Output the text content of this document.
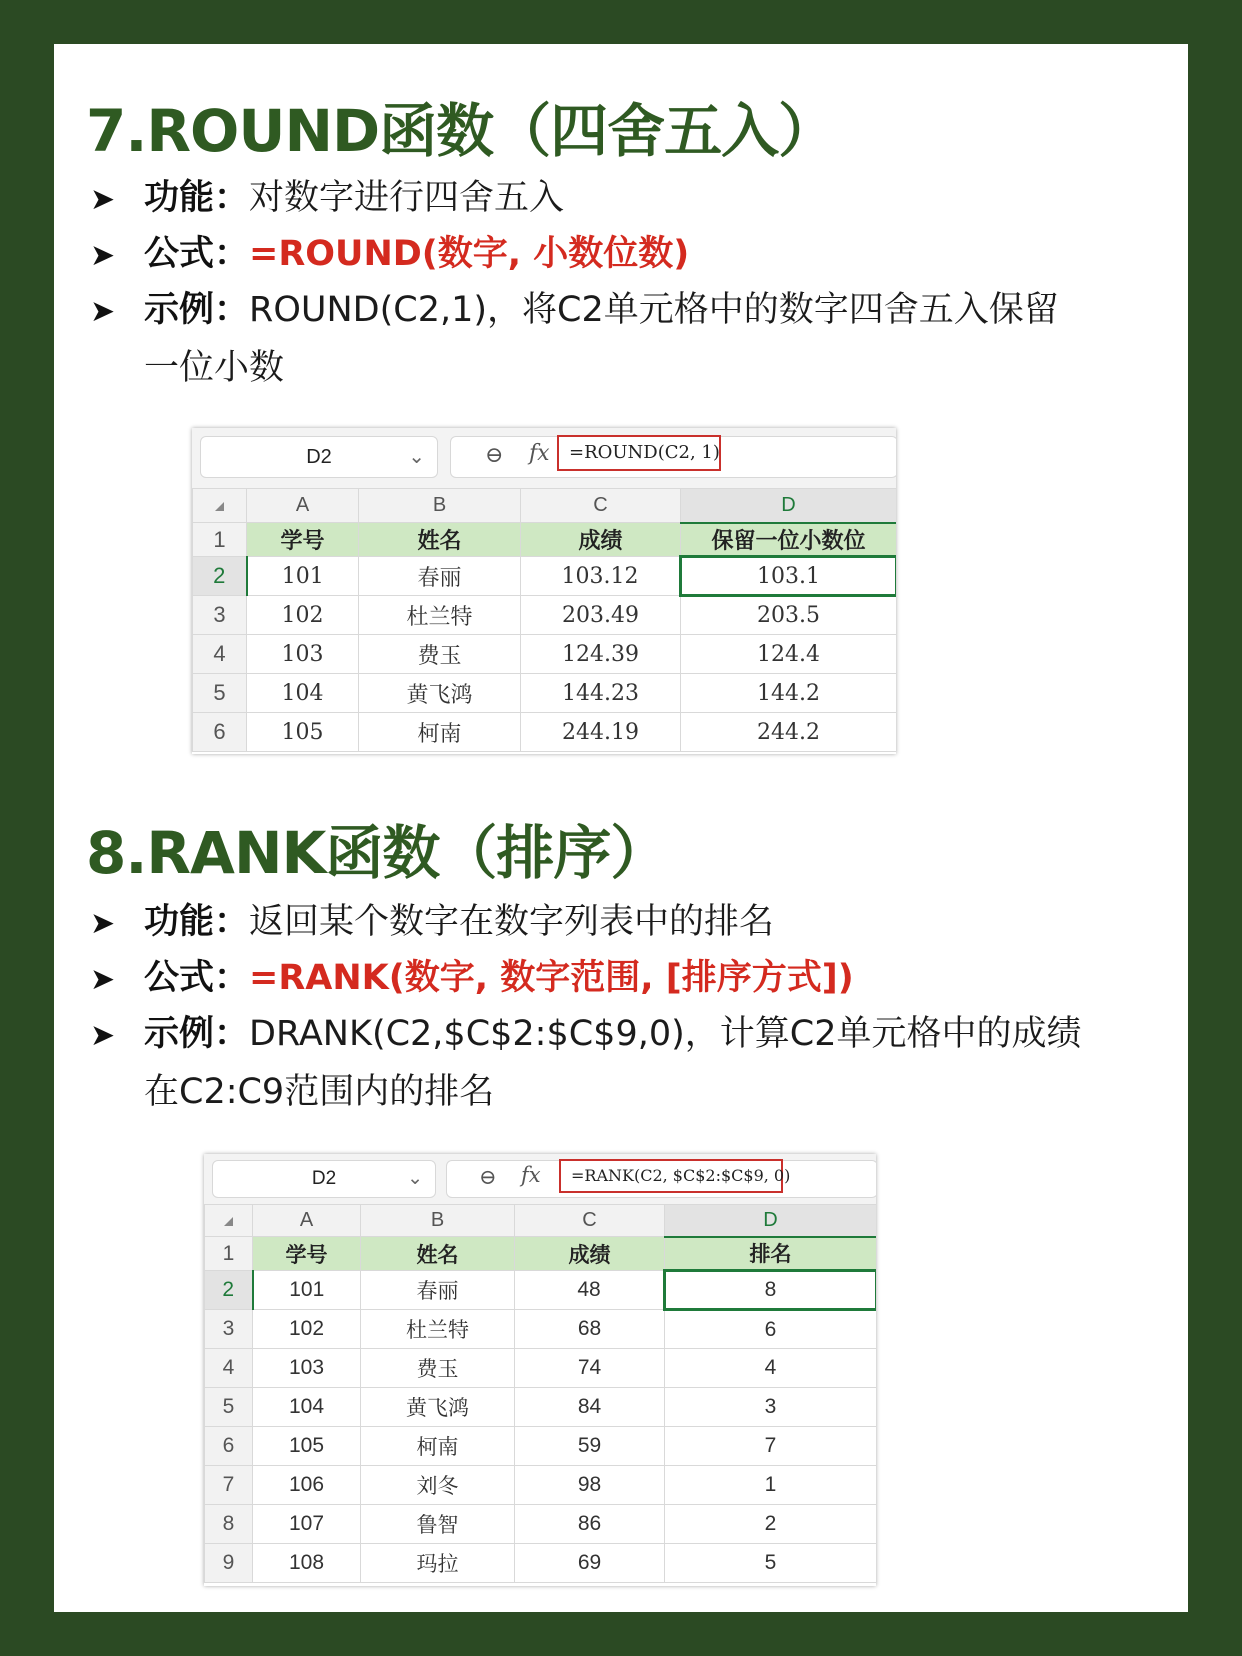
7.ROUND函数（四舍五入）
➤ 功能：对数字进行四舍五入
➤ 公式：=ROUND(数字, 小数位数)
➤ 示例：ROUND(C2,1)，将C2单元格中的数字四舍五入保留
一位小数
D2	⌄	⊖ fx	=ROUND(C2, 1)
	A	B	C	D
1	学号	姓名	成绩	保留一位小数位
2	101	春丽	103.12	103.1
3	102	杜兰特	203.49	203.5
4	103	费玉	124.39	124.4
5	104	黄飞鸿	144.23	144.2
6	105	柯南	244.19	244.2
8.RANK函数（排序）
➤ 功能：返回某个数字在数字列表中的排名
➤ 公式：=RANK(数字, 数字范围, [排序方式])
➤ 示例：DRANK(C2,$C$2:$C$9,0)，计算C2单元格中的成绩
在C2:C9范围内的排名
D2	⌄	⊖ fx	=RANK(C2, $C$2:$C$9, 0)
	A	B	C	D
1	学号	姓名	成绩	排名
2	101	春丽	48	8
3	102	杜兰特	68	6
4	103	费玉	74	4
5	104	黄飞鸿	84	3
6	105	柯南	59	7
7	106	刘冬	98	1
8	107	鲁智	86	2
9	108	玛拉	69	5
